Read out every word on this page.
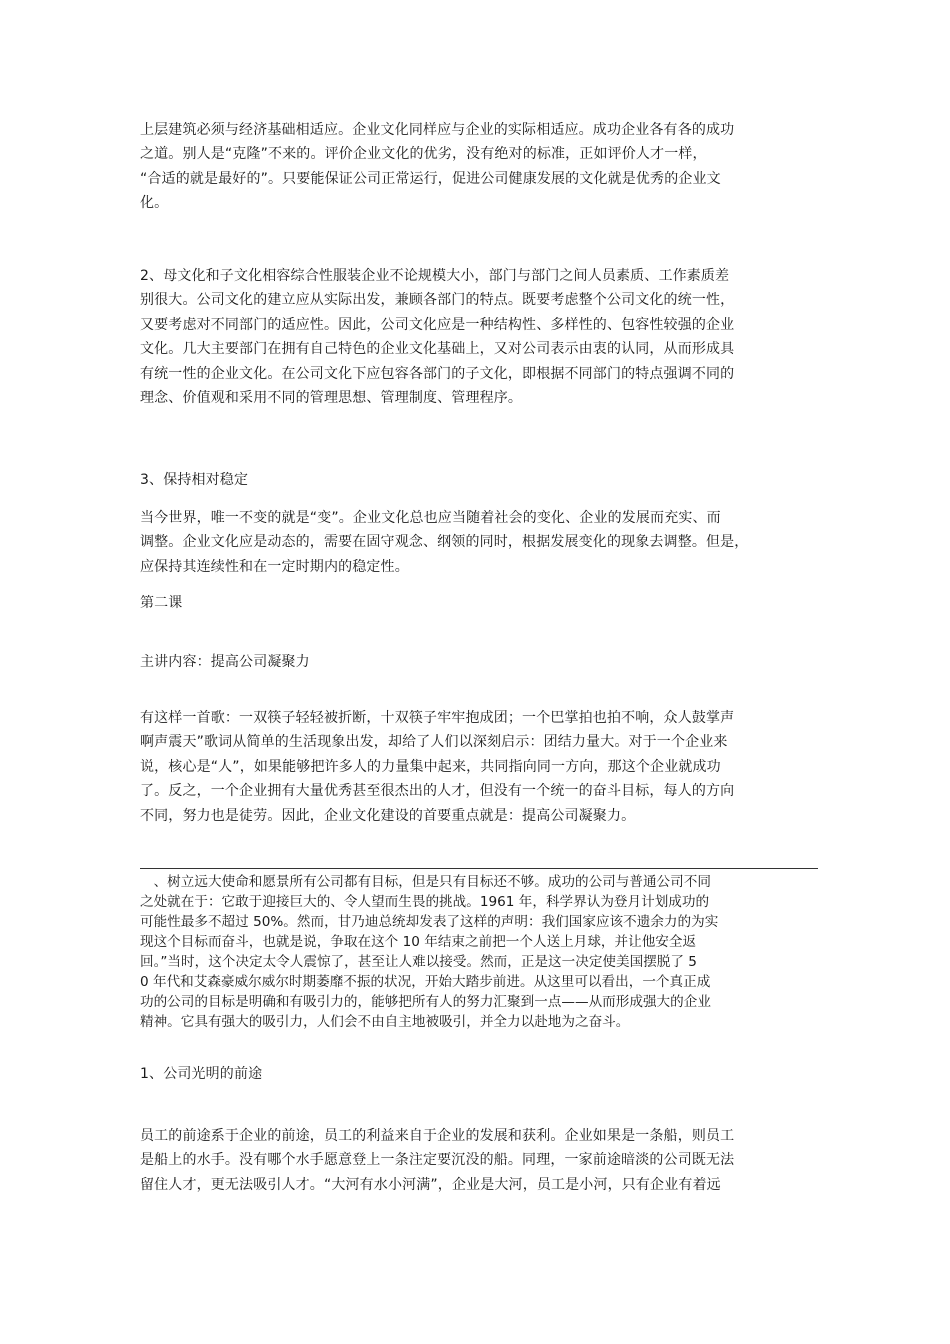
上层建筑必须与经济基础相适应。企业文化同样应与企业的实际相适应。成功企业各有各的成功
之道。别人是“克隆”不来的。评价企业文化的优劣，没有绝对的标准，正如评价人才一样，
“合适的就是最好的”。只要能保证公司正常运行，促进公司健康发展的文化就是优秀的企业文
化。

2、母文化和子文化相容综合性服装企业不论规模大小，部门与部门之间人员素质、工作素质差
别很大。公司文化的建立应从实际出发，兼顾各部门的特点。既要考虑整个公司文化的统一性，
又要考虑对不同部门的适应性。因此，公司文化应是一种结构性、多样性的、包容性较强的企业
文化。几大主要部门在拥有自己特色的企业文化基础上，又对公司表示由衷的认同，从而形成具
有统一性的企业文化。在公司文化下应包容各部门的子文化，即根据不同部门的特点强调不同的
理念、价值观和采用不同的管理思想、管理制度、管理程序。

3、保持相对稳定

当今世界，唯一不变的就是“变”。企业文化总也应当随着社会的变化、企业的发展而充实、而
调整。企业文化应是动态的，需要在固守观念、纲领的同时，根据发展变化的现象去调整。但是，
应保持其连续性和在一定时期内的稳定性。

第二课

主讲内容：提高公司凝聚力

有这样一首歌：一双筷子轻轻被折断，十双筷子牢牢抱成团；一个巴掌拍也拍不响，众人鼓掌声
啊声震天”歌词从简单的生活现象出发，却给了人们以深刻启示：团结力量大。对于一个企业来
说，核心是“人”，如果能够把许多人的力量集中起来，共同指向同一方向，那这个企业就成功
了。反之，一个企业拥有大量优秀甚至很杰出的人才，但没有一个统一的奋斗目标，每人的方向
不同，努力也是徒劳。因此，企业文化建设的首要重点就是：提高公司凝聚力。

　、树立远大使命和愿景所有公司都有目标，但是只有目标还不够。成功的公司与普通公司不同
之处就在于：它敢于迎接巨大的、令人望而生畏的挑战。1961 年，科学界认为登月计划成功的
可能性最多不超过 50%。然而，甘乃迪总统却发表了这样的声明：我们国家应该不遗余力的为实
现这个目标而奋斗，也就是说，争取在这个 10 年结束之前把一个人送上月球，并让他安全返
回。”当时，这个决定太令人震惊了，甚至让人难以接受。然而，正是这一决定使美国摆脱了 5
0 年代和艾森豪威尔威尔时期萎靡不振的状况，开始大踏步前进。从这里可以看出，一个真正成
功的公司的目标是明确和有吸引力的，能够把所有人的努力汇聚到一点——从而形成强大的企业
精神。它具有强大的吸引力，人们会不由自主地被吸引，并全力以赴地为之奋斗。

1、公司光明的前途

员工的前途系于企业的前途，员工的利益来自于企业的发展和获利。企业如果是一条船，则员工
是船上的水手。没有哪个水手愿意登上一条注定要沉没的船。同理，一家前途暗淡的公司既无法
留住人才，更无法吸引人才。“大河有水小河满”，企业是大河，员工是小河，只有企业有着远
